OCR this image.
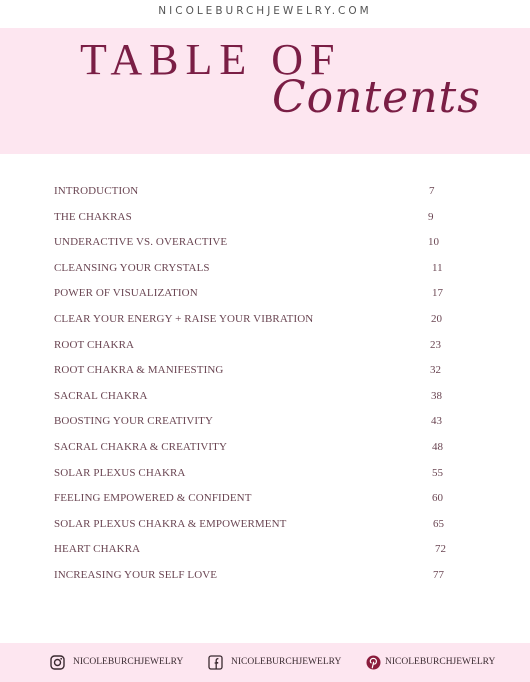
NICOLEBURCHJEWELRY.COM
TABLE OF
Contents
INTRODUCTION	7
THE CHAKRAS	9
UNDERACTIVE VS. OVERACTIVE	10
CLEANSING YOUR CRYSTALS	11
POWER OF VISUALIZATION	17
CLEAR YOUR ENERGY + RAISE YOUR VIBRATION	20
ROOT CHAKRA	23
ROOT CHAKRA & MANIFESTING	32
SACRAL CHAKRA	38
BOOSTING YOUR CREATIVITY	43
SACRAL CHAKRA & CREATIVITY	48
SOLAR PLEXUS CHAKRA	55
FEELING EMPOWERED & CONFIDENT	60
SOLAR PLEXUS CHAKRA & EMPOWERMENT	65
HEART CHAKRA	72
INCREASING YOUR SELF LOVE	77
NICOLEBURCHJEWELRY	NICOLEBURCHJEWELRY	NICOLEBURCHJEWELRY
